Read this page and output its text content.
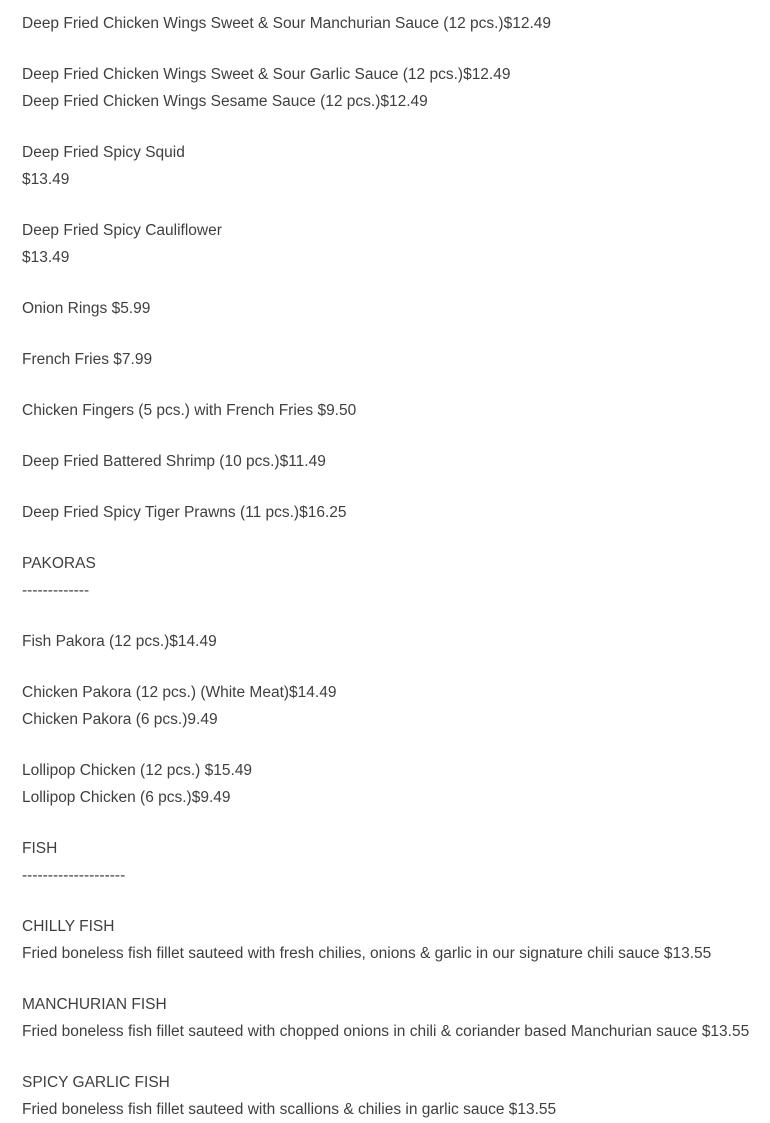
Deep Fried Chicken Wings Sweet & Sour Manchurian Sauce (12 pcs.)$12.49

Deep Fried Chicken Wings Sweet & Sour Garlic Sauce (12 pcs.)$12.49
Deep Fried Chicken Wings Sesame Sauce (12 pcs.)$12.49

Deep Fried Spicy Squid
$13.49

Deep Fried Spicy Cauliflower
$13.49

Onion Rings $5.99

French Fries $7.99

Chicken Fingers (5 pcs.) with French Fries $9.50

Deep Fried Battered Shrimp (10 pcs.)$11.49

Deep Fried Spicy Tiger Prawns (11 pcs.)$16.25

PAKORAS
-------------

Fish Pakora (12 pcs.)$14.49

Chicken Pakora (12 pcs.) (White Meat)$14.49
Chicken Pakora (6 pcs.)9.49

Lollipop Chicken (12 pcs.) $15.49
Lollipop Chicken (6 pcs.)$9.49

FISH
--------------------

CHILLY FISH
Fried boneless fish fillet sauteed with fresh chilies, onions & garlic in our signature chili sauce $13.55

MANCHURIAN FISH
Fried boneless fish fillet sauteed with chopped onions in chili & coriander based Manchurian sauce $13.55

SPICY GARLIC FISH
Fried boneless fish fillet sauteed with scallions & chilies in garlic sauce $13.55
